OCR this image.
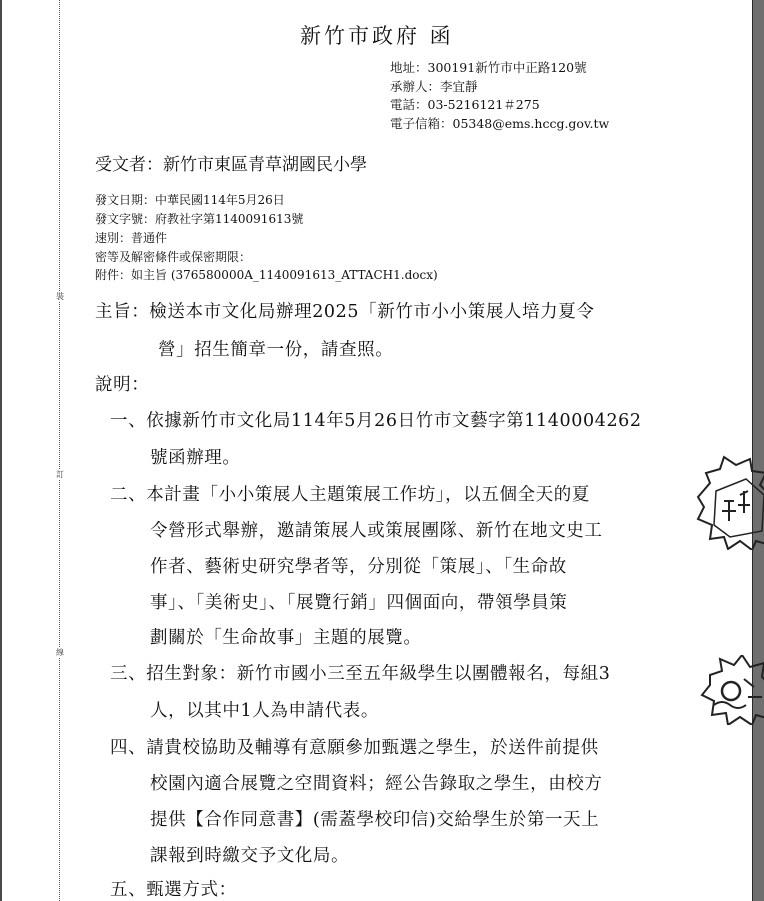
裝
訂
線
新竹市政府 函
地址：300191新竹市中正路120號
承辦人：李宜靜
電話：03-5216121＃275
電子信箱：05348@ems.hccg.gov.tw
受文者：新竹市東區青草湖國民小學
發文日期：中華民國114年5月26日
發文字號：府教社字第1140091613號
速別：普通件
密等及解密條件或保密期限：
附件：如主旨 (376580000A_1140091613_ATTACH1.docx)
主旨：檢送本市文化局辦理2025「新竹市小小策展人培力夏令
營」招生簡章一份，請查照。
說明：
一、依據新竹市文化局114年5月26日竹市文藝字第1140004262
號函辦理。
二、本計畫「小小策展人主題策展工作坊」，以五個全天的夏
令營形式舉辦，邀請策展人或策展團隊、新竹在地文史工
作者、藝術史研究學者等，分別從「策展」、「生命故
事」、「美術史」、「展覽行銷」四個面向，帶領學員策
劃關於「生命故事」主題的展覽。
三、招生對象：新竹市國小三至五年級學生以團體報名，每組3
人，以其中1人為申請代表。
四、請貴校協助及輔導有意願參加甄選之學生，於送件前提供
校園內適合展覽之空間資料；經公告錄取之學生，由校方
提供【合作同意書】(需蓋學校印信)交給學生於第一天上
課報到時繳交予文化局。
五、甄選方式：
